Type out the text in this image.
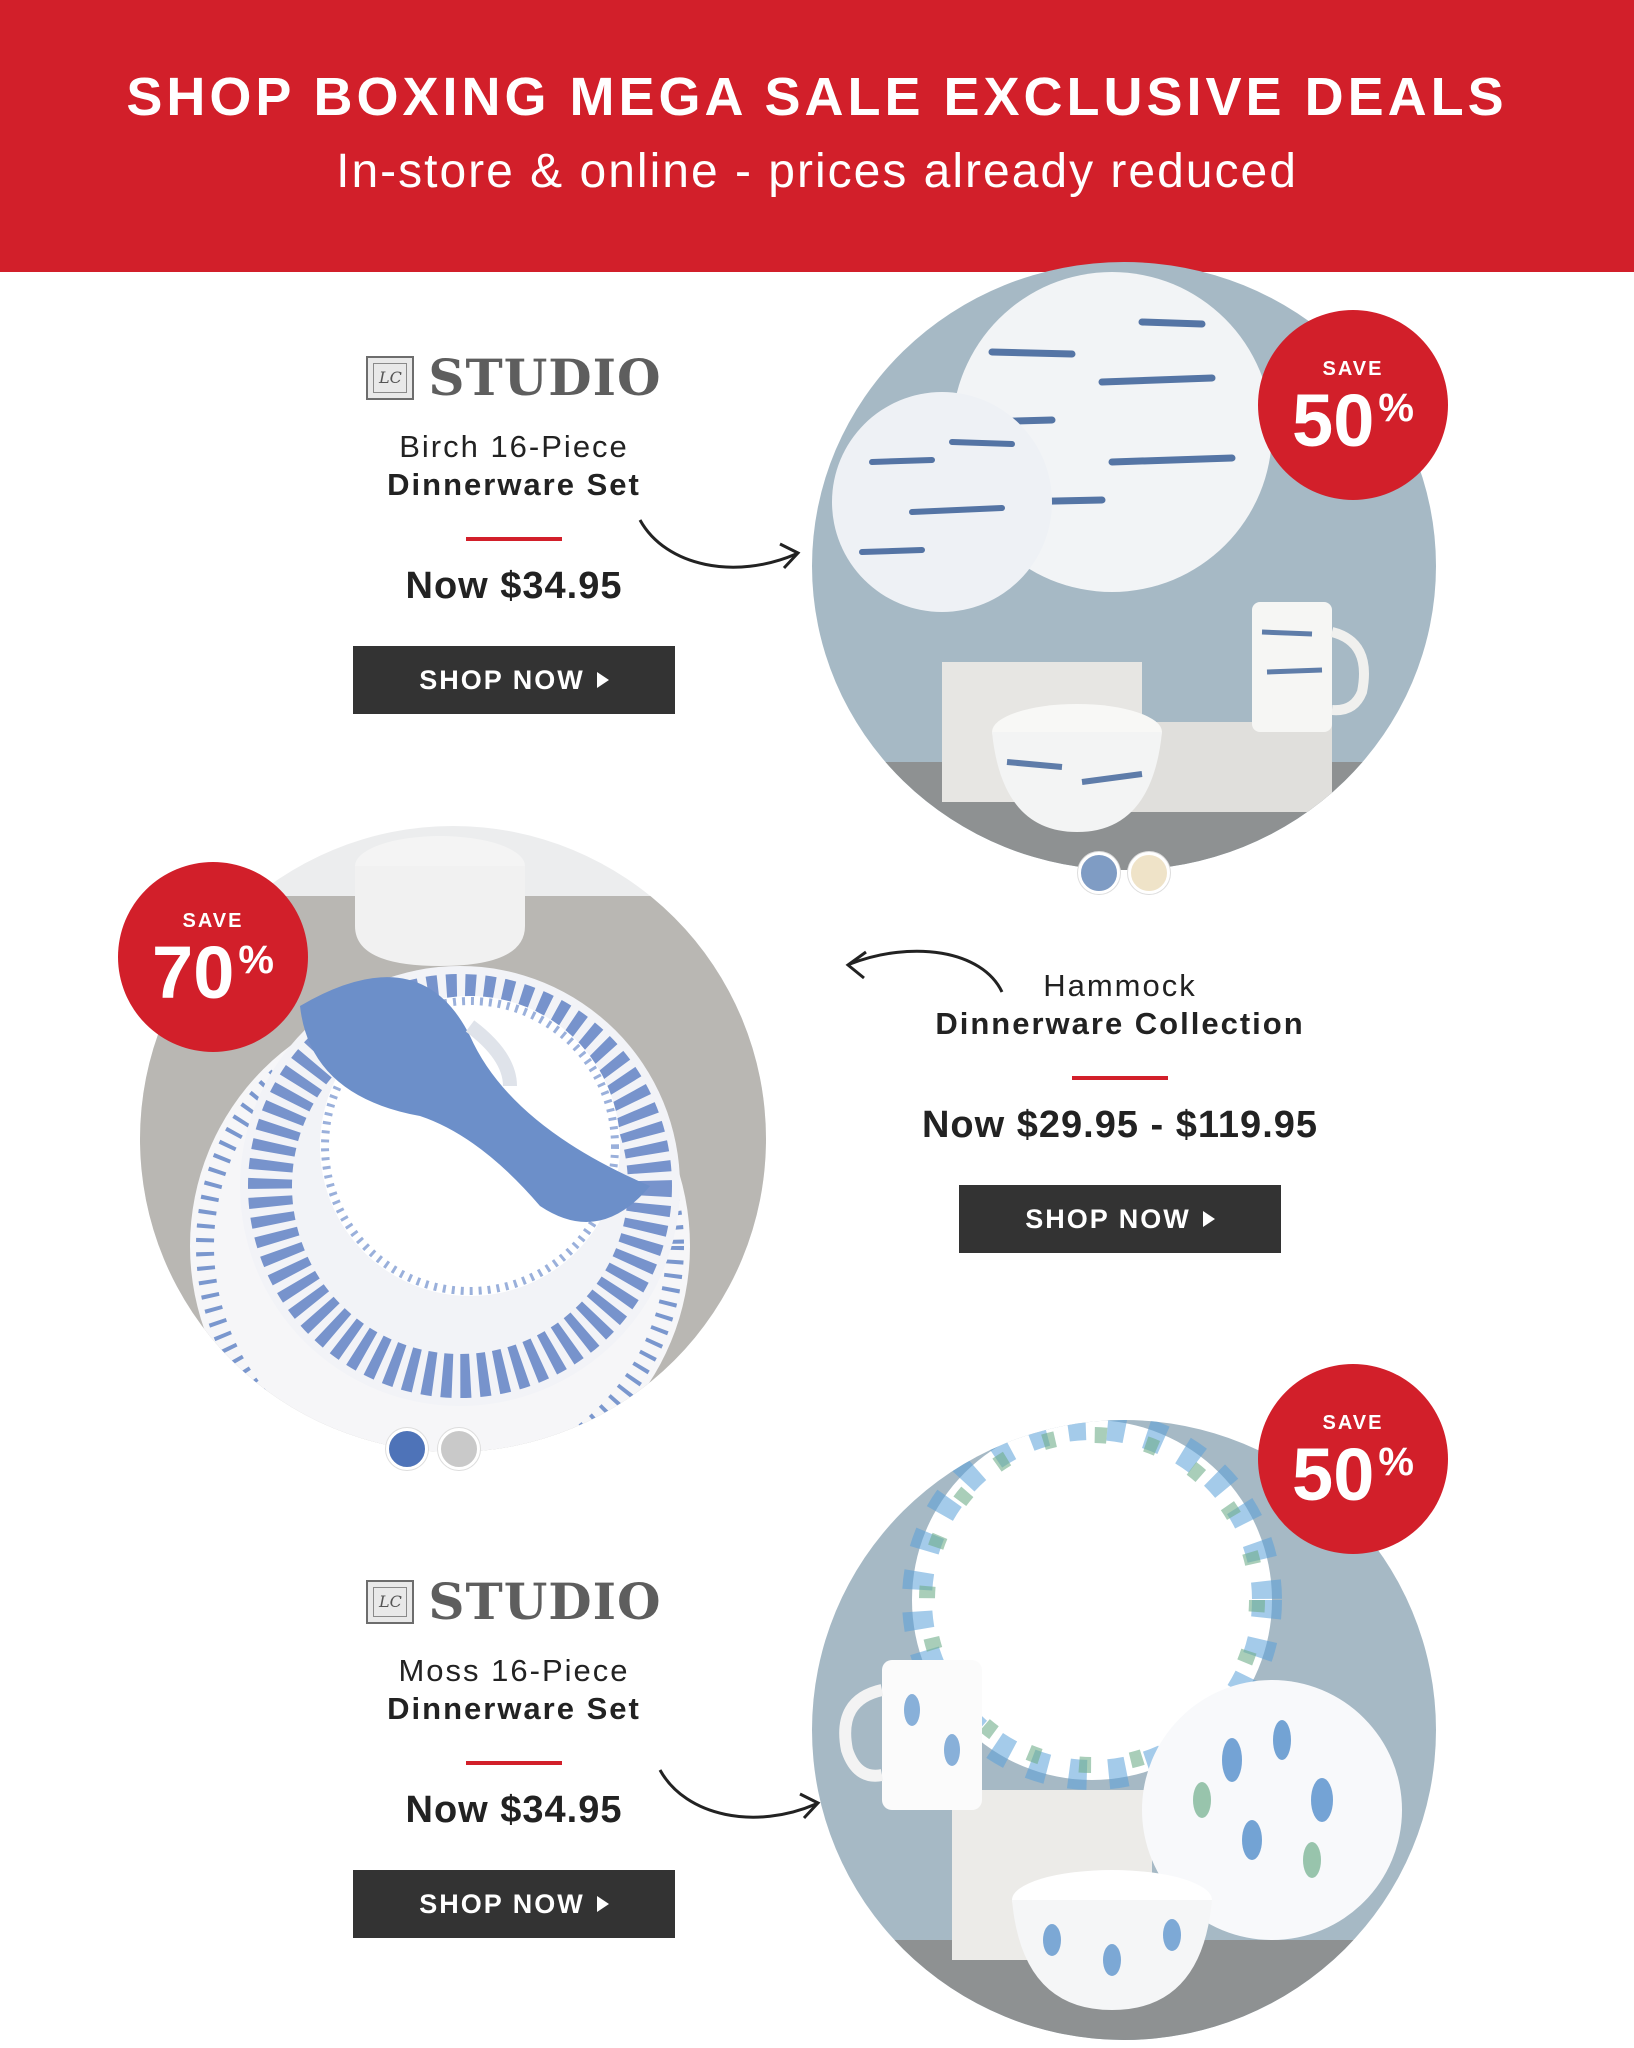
SHOP BOXING MEGA SALE EXCLUSIVE DEALS
In-store & online - prices already reduced
LC STUDIO
Birch 16-Piece
Dinnerware Set
Now $34.95
SHOP NOW
SAVE
50 %
SAVE
70 %
Hammock
Dinnerware Collection
Now $29.95 - $119.95
SHOP NOW
LC STUDIO
Moss 16-Piece
Dinnerware Set
Now $34.95
SHOP NOW
SAVE
50 %
